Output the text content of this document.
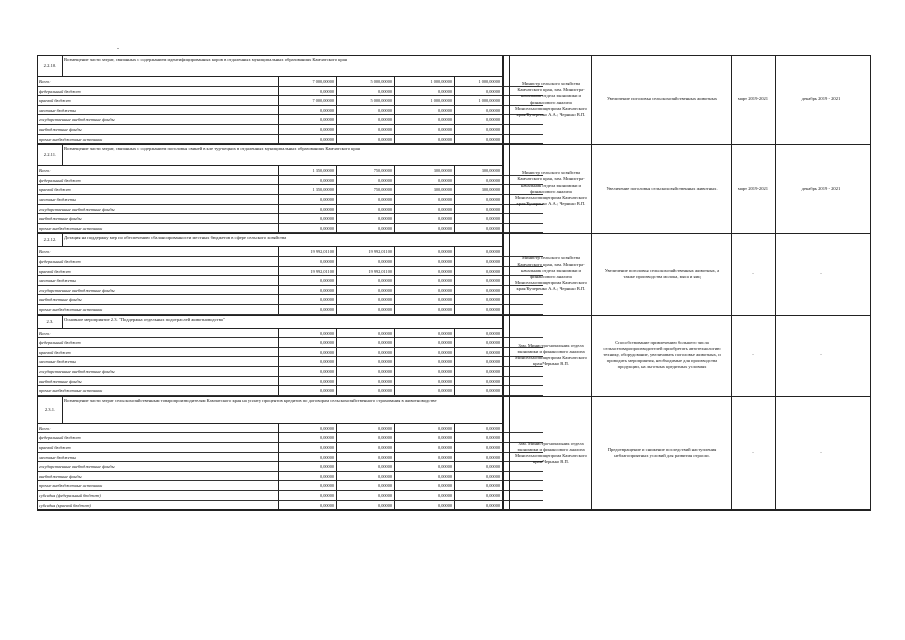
-
2.2.10.
Возмещение части затрат, связанных с содержанием идентифицированных коров в отдаленных муниципальных образованиях Камчатского края
Всего:	7 000,00000	5 000,00000	1 000,00000	1 000,00000
федеральный бюджет	0,00000	0,00000	0,00000	0,00000
краевой бюджет	7 000,00000	5 000,00000	1 000,00000	1 000,00000
местные бюджеты	0,00000	0,00000	0,00000	0,00000
государственные внебюджетные фонды	0,00000	0,00000	0,00000	0,00000
внебюджетные фонды	0,00000	0,00000	0,00000	0,00000
прочие внебюджетные источники	0,00000	0,00000	0,00000	0,00000
Министр сельского хозяйства Камчатского края, зам. Министра-начальник отдела экономики и финансового анализа Минсельхозпищепрома Камчатского края/Кучеренко А.А.; Чернько В.П.
Увеличение поголовья сельскохозяйственных животных	март 2019-2021	декабрь 2019 - 2021
2.2.11.
Возмещение части затрат, связанных с содержанием поголовья свиней в кле тур-кецких в отдаленных муниципальных образованиях Камчатского края
Всего:	1 350,00000	750,00000	300,00000	300,00000
федеральный бюджет	0,00000	0,00000	0,00000	0,00000
краевой бюджет	1 350,00000	750,00000	300,00000	300,00000
местные бюджеты	0,00000	0,00000	0,00000	0,00000
государственные внебюджетные фонды	0,00000	0,00000	0,00000	0,00000
внебюджетные фонды	0,00000	0,00000	0,00000	0,00000
прочие внебюджетные источники	0,00000	0,00000	0,00000	0,00000
Министр сельского хозяйства Камчатского края, зам. Министра-начальник отдела экономики и финансового анализа Минсельхозпищепрома Камчатского края/Кучеренко А.А.; Чернько В.П.
Увеличение поголовья сельскохозяйственных животных.	март 2019-2021	декабрь 2019 - 2021
2.2.12.	Дотация на поддержку мер по обеспечению сбалансированности местных бюджетов в сфере сельского хозяйства
Всего:	19 992,01100	19 992,01100	0,00000	0,00000
федеральный бюджет	0,00000	0,00000	0,00000	0,00000
краевой бюджет	19 992,01100	19 992,01100	0,00000	0,00000
местные бюджеты	0,00000	0,00000	0,00000	0,00000
государственные внебюджетные фонды	0,00000	0,00000	0,00000	0,00000
внебюджетные фонды	0,00000	0,00000	0,00000	0,00000
прочие внебюджетные источники	0,00000	0,00000	0,00000	0,00000
Министр сельского хозяйства Камчатского края, зам. Министра-начальник отдела экономики и финансового анализа Минсельхозпищепрома Камчатского края/Кучеренко А.А.; Чернько В.П.
Увеличение поголовья сельскохозяйственных животных, а также производства молока, мяса и яиц
-	-
2.3.	Основное мероприятие 2.3. "Поддержка отдельных подотраслей животноводства"
Всего:	0,00000	0,00000	0,00000	0,00000
федеральный бюджет	0,00000	0,00000	0,00000	0,00000
краевой бюджет	0,00000	0,00000	0,00000	0,00000
местные бюджеты	0,00000	0,00000	0,00000	0,00000
государственные внебюджетные фонды	0,00000	0,00000	0,00000	0,00000
внебюджетные фонды	0,00000	0,00000	0,00000	0,00000
прочие внебюджетные источники	0,00000	0,00000	0,00000	0,00000
Зам. Министра-начальник отдела экономики и финансового анализа Минсельхозпищепрома Камчатского края/Чернько В.П.
Способствование привлечению большего числа сельхозтоваропроизводителей приобретать автотехнологию технику, оборудование, увеличивать поголовье животных, и проводить мероприятия, необходимые для производства продукции, на льготных кредитных условиях
-	-
2.3.1.
Возмещение части затрат сельскохозяйственным товаропроизводителям Камчатского края на уплату процентов кредитов по договорам сельскохозяйственного страхования в животноводстве
Всего:	0,00000	0,00000	0,00000	0,00000
федеральный бюджет	0,00000	0,00000	0,00000	0,00000
краевой бюджет	0,00000	0,00000	0,00000	0,00000
местные бюджеты	0,00000	0,00000	0,00000	0,00000
государственные внебюджетные фонды	0,00000	0,00000	0,00000	0,00000
внебюджетные фонды	0,00000	0,00000	0,00000	0,00000
прочие внебюджетные источники	0,00000	0,00000	0,00000	0,00000
субсидия (федеральный бюджет)	0,00000	0,00000	0,00000	0,00000
субсидия (краевой бюджет)	0,00000	0,00000	0,00000	0,00000
Зам. Министра-начальник отдела экономики и финансового анализа Минсельхозпищепрома Камчатского края/Чернько В.П.
Предотвращение и снижение последствий наступления неблагоприятных условий для развития отрасли.
-	-
